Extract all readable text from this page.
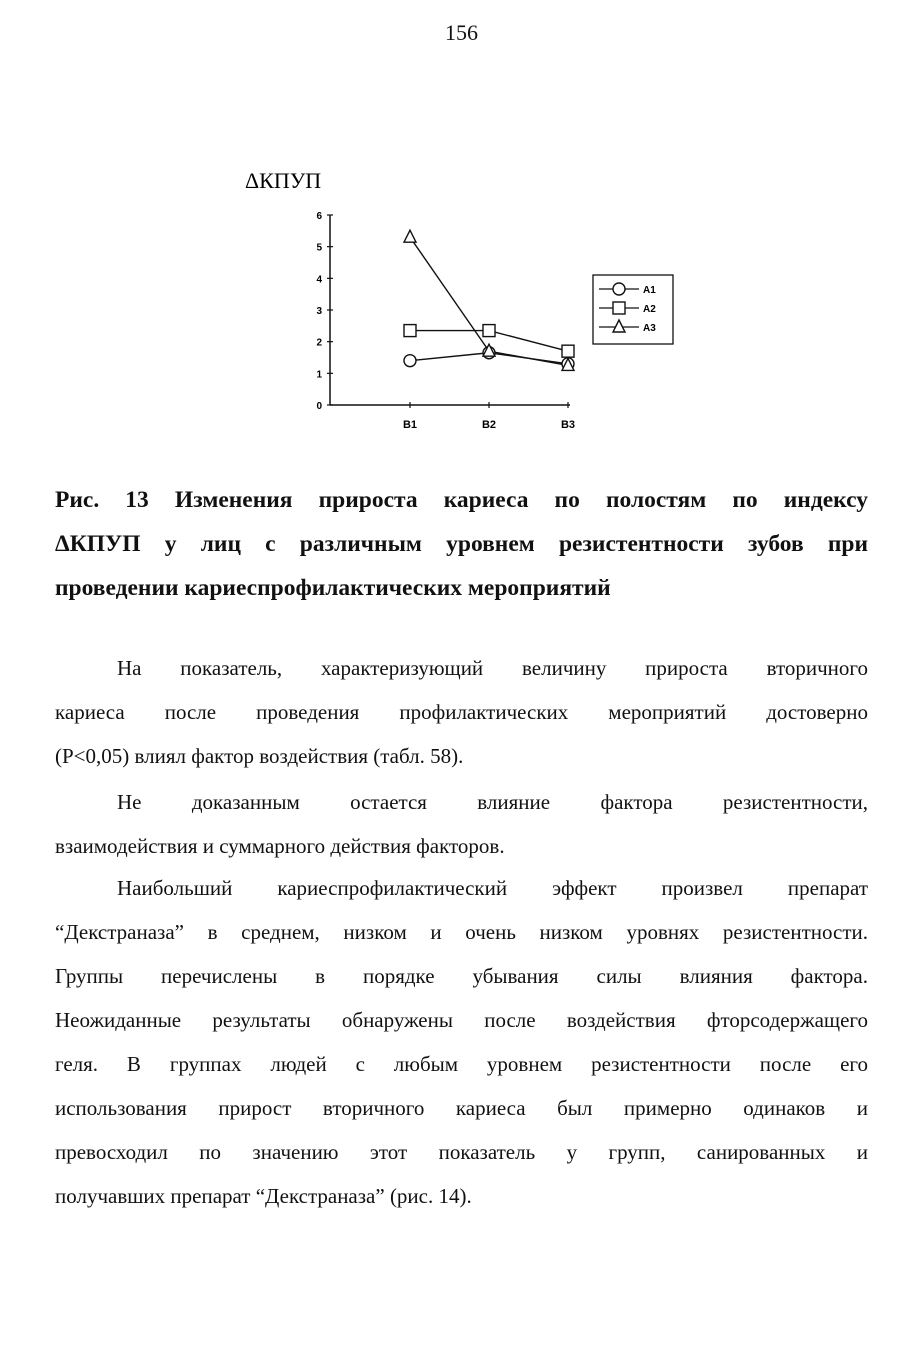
156
ΔКПУП
0
1
2
3
4
5
6
B1	B2	B3
A1
A2
A3
Рис. 13 Изменения прироста кариеса по полостям по индексу
ΔКПУП у лиц с различным уровнем резистентности зубов при
проведении кариеспрофилактических мероприятий
На показатель, характеризующий величину прироста вторичного
кариеса после проведения профилактических мероприятий достоверно
(P<0,05) влиял фактор воздействия (табл. 58).
Не доказанным остается влияние фактора резистентности,
взаимодействия и суммарного действия факторов.
Наибольший кариеспрофилактический эффект произвел препарат
“Декстраназа” в среднем, низком и очень низком уровнях резистентности.
Группы перечислены в порядке убывания силы влияния фактора.
Неожиданные результаты обнаружены после воздействия фторсодержащего
геля. В группах людей с любым уровнем резистентности после его
использования прирост вторичного кариеса был примерно одинаков и
превосходил по значению этот показатель у групп, санированных и
получавших препарат “Декстраназа” (рис. 14).
